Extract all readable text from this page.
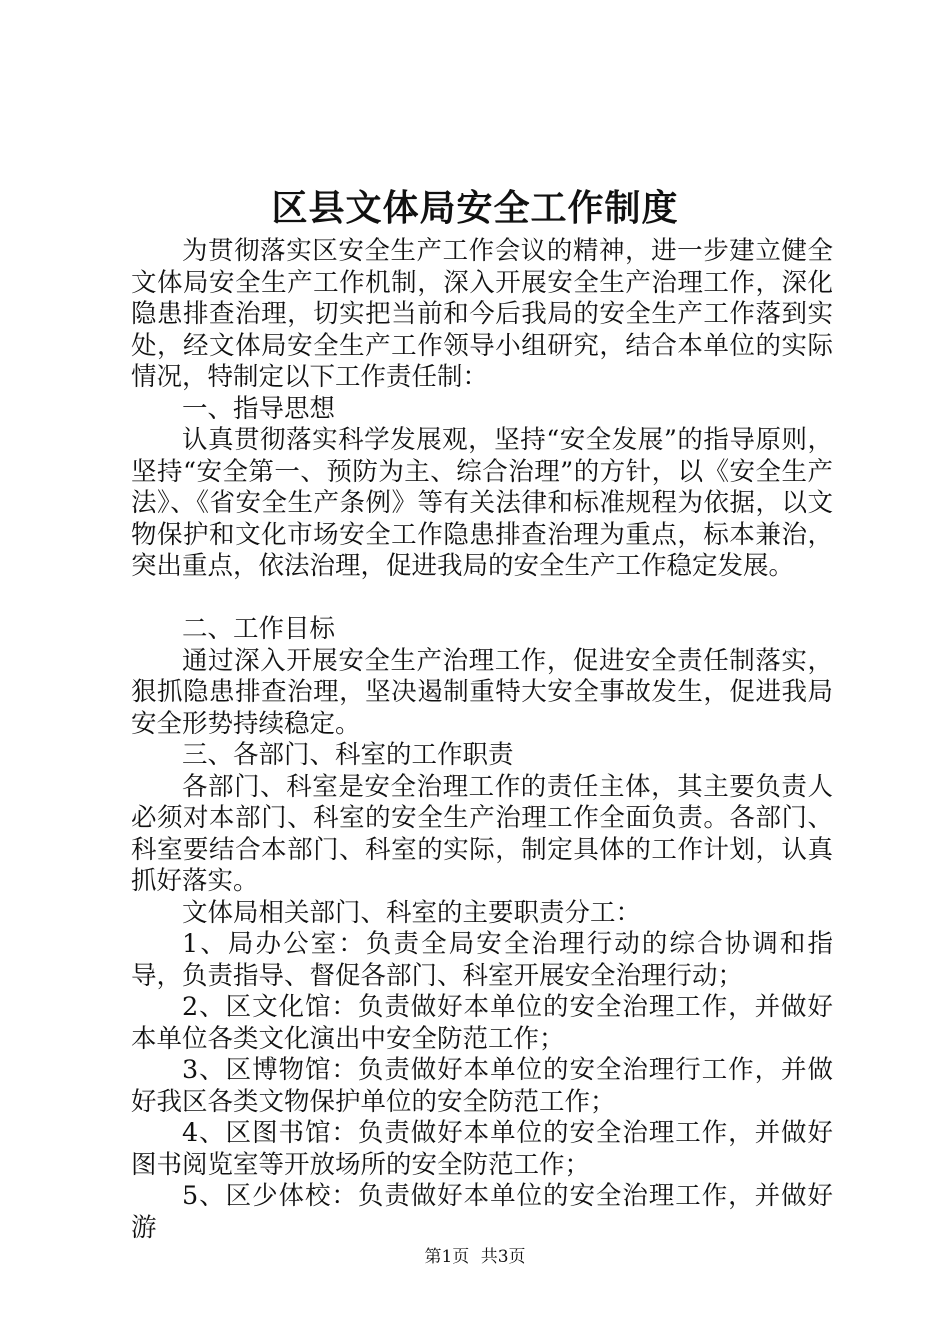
区县文体局安全工作制度

为贯彻落实区安全生产工作会议的精神，进一步建立健全文体局安全生产工作机制，深入开展安全生产治理工作，深化隐患排查治理，切实把当前和今后我局的安全生产工作落到实处，经文体局安全生产工作领导小组研究，结合本单位的实际情况，特制定以下工作责任制：

一、指导思想

认真贯彻落实科学发展观，坚持“安全发展”的指导原则，坚持“安全第一、预防为主、综合治理”的方针，以《安全生产法》、《省安全生产条例》等有关法律和标准规程为依据，以文物保护和文化市场安全工作隐患排查治理为重点，标本兼治，突出重点，依法治理，促进我局的安全生产工作稳定发展。

二、工作目标

通过深入开展安全生产治理工作，促进安全责任制落实，狠抓隐患排查治理，坚决遏制重特大安全事故发生，促进我局安全形势持续稳定。

三、各部门、科室的工作职责

各部门、科室是安全治理工作的责任主体，其主要负责人必须对本部门、科室的安全生产治理工作全面负责。各部门、科室要结合本部门、科室的实际，制定具体的工作计划，认真抓好落实。

文体局相关部门、科室的主要职责分工：

1、局办公室：负责全局安全治理行动的综合协调和指导，负责指导、督促各部门、科室开展安全治理行动；

2、区文化馆：负责做好本单位的安全治理工作，并做好本单位各类文化演出中安全防范工作；

3、区博物馆：负责做好本单位的安全治理行工作，并做好我区各类文物保护单位的安全防范工作；

4、区图书馆：负责做好本单位的安全治理工作，并做好图书阅览室等开放场所的安全防范工作；

5、区少体校：负责做好本单位的安全治理工作，并做好游

第1页 共3页
